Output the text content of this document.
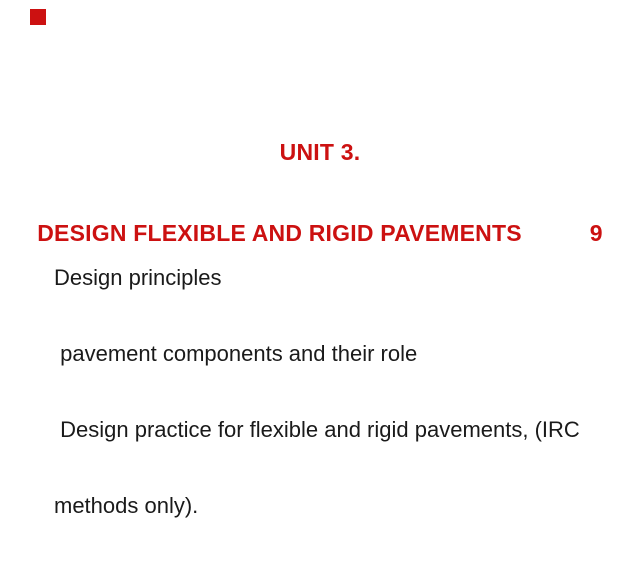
UNIT 3.

DESIGN FLEXIBLE AND RIGID PAVEMENTS	9

Design principles

pavement components and their role

Design practice for flexible and rigid pavements, (IRC

methods only).
